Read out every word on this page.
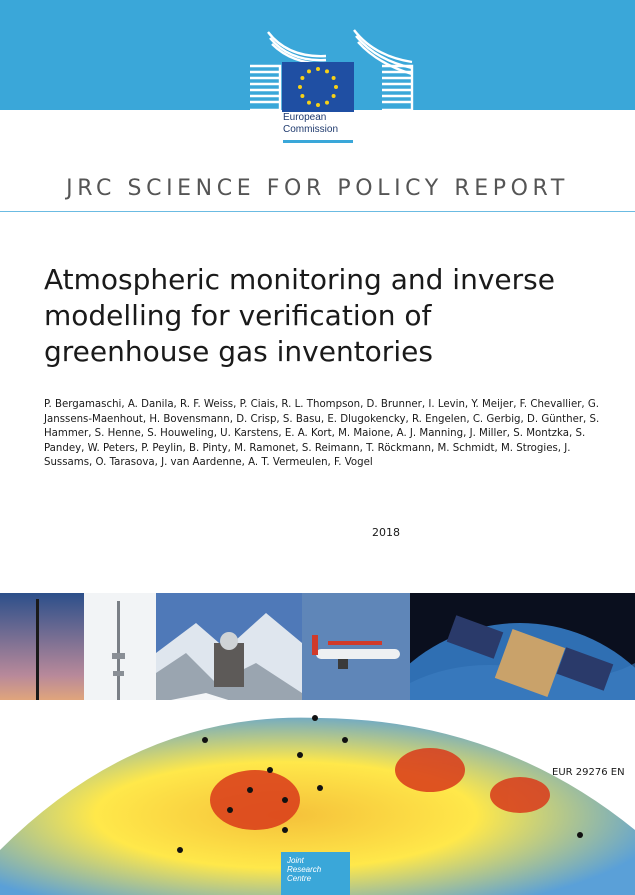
European
Commission
JRC SCIENCE FOR POLICY REPORT
Atmospheric monitoring and inverse modelling for verification of greenhouse gas inventories

P. Bergamaschi, A. Danila, R. F. Weiss, P. Ciais, R. L. Thompson, D. Brunner, I. Levin, Y. Meijer, F. Chevallier, G. Janssens-Maenhout, H. Bovensmann, D. Crisp, S. Basu, E. Dlugokencky, R. Engelen, C. Gerbig, D. Günther, S. Hammer, S. Henne, S. Houweling, U. Karstens, E. A. Kort, M. Maione, A. J. Manning, J. Miller, S. Montzka, S. Pandey, W. Peters, P. Peylin, B. Pinty, M. Ramonet, S. Reimann, T. Röckmann, M. Schmidt, M. Strogies, J. Sussams, O. Tarasova, J. van Aardenne, A. T. Vermeulen, F. Vogel

2018
EUR 29276 EN
Joint
Research
Centre
